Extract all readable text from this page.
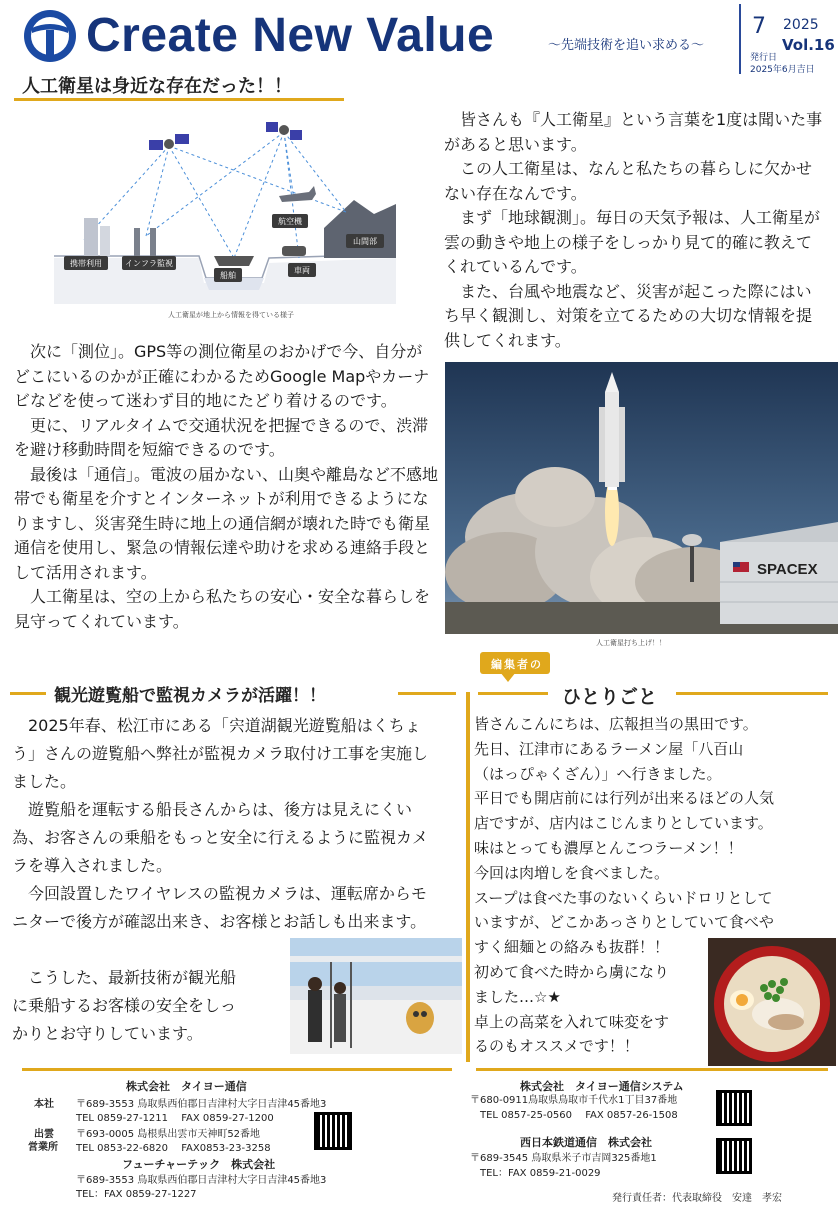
Create New Value	〜先端技術を追い求める〜
7 2025
Vol.16
発行日
2025年6月吉日
人工衛星は身近な存在だった！！
携帯利用	インフラ監視
船舶
車両
航空機
山間部
人工衛星が地上から情報を得ている様子

　皆さんも『人工衛星』という言葉を1度は聞いた事があると思います。

　この人工衛星は、なんと私たちの暮らしに欠かせない存在なんです。

　まず「地球観測」。毎日の天気予報は、人工衛星が雲の動きや地上の様子をしっかり見て的確に教えてくれているんです。

　また、台風や地震など、災害が起こった際にはいち早く観測し、対策を立てるための大切な情報を提供してくれます。

　次に「測位」。GPS等の測位衛星のおかげで今、自分がどこにいるのかが正確にわかるためGoogle Mapやカーナビなどを使って迷わず目的地にたどり着けるのです。

　更に、リアルタイムで交通状況を把握できるので、渋滞を避け移動時間を短縮できるのです。

　最後は「通信」。電波の届かない、山奥や離島など不感地帯でも衛星を介すとインターネットが利用できるようになりますし、災害発生時に地上の通信網が壊れた時でも衛星通信を使用し、緊急の情報伝達や助けを求める連絡手段として活用されます。

　人工衛星は、空の上から私たちの安心・安全な暮らしを見守ってくれています。

SPACEX
人工衛星打ち上げ！！
観光遊覧船で監視カメラが活躍！！

　2025年春、松江市にある「宍道湖観光遊覧船はくちょう」さんの遊覧船へ弊社が監視カメラ取付け工事を実施しました。

　遊覧船を運転する船長さんからは、後方は見えにくい為、お客さんの乗船をもっと安全に行えるように監視カメラを導入されました。

　今回設置したワイヤレスの監視カメラは、運転席からモニターで後方が確認出来き、お客様とお話しも出来ます。

　こうした、最新技術が観光船

に乗船するお客様の安全をしっ

かりとお守りしています。

編集者の
ひとりごと
皆さんこんにちは、広報担当の黒田です。
先日、江津市にあるラーメン屋「八百山
（はっぴゃくざん）」へ行きました。
平日でも開店前には行列が出来るほどの人気
店ですが、店内はこじんまりとしています。
味はとっても濃厚とんこつラーメン！！
今回は肉増しを食べました。
スープは食べた事のないくらいドロリとして
いますが、どこかあっさりとしていて食べや
すく細麺との絡みも抜群！！
初めて食べた時から虜になり
ました…☆★
卓上の高菜を入れて味変をす
るのもオススメです！！
株式会社　タイヨー通信
本社 〒689-3553 鳥取県西伯郡日吉津村大字日吉津45番地3
TEL 0859-27-1211　 FAX 0859-27-1200
出雲
営業所
〒693-0005 島根県出雲市天神町52番地
TEL 0853-22-6820　 FAX0853-23-3258
フューチャーテック　株式会社
〒689-3553 鳥取県西伯郡日吉津村大字日吉津45番地3
TEL：FAX 0859-27-1227
株式会社　タイヨー通信システム
〒680-0911鳥取県鳥取市千代水1丁目37番地
TEL 0857-25-0560　 FAX 0857-26-1508
西日本鉄道通信　株式会社
〒689-3545 鳥取県米子市吉岡325番地1
TEL：FAX 0859-21-0029
発行責任者：代表取締役　安達　孝宏
